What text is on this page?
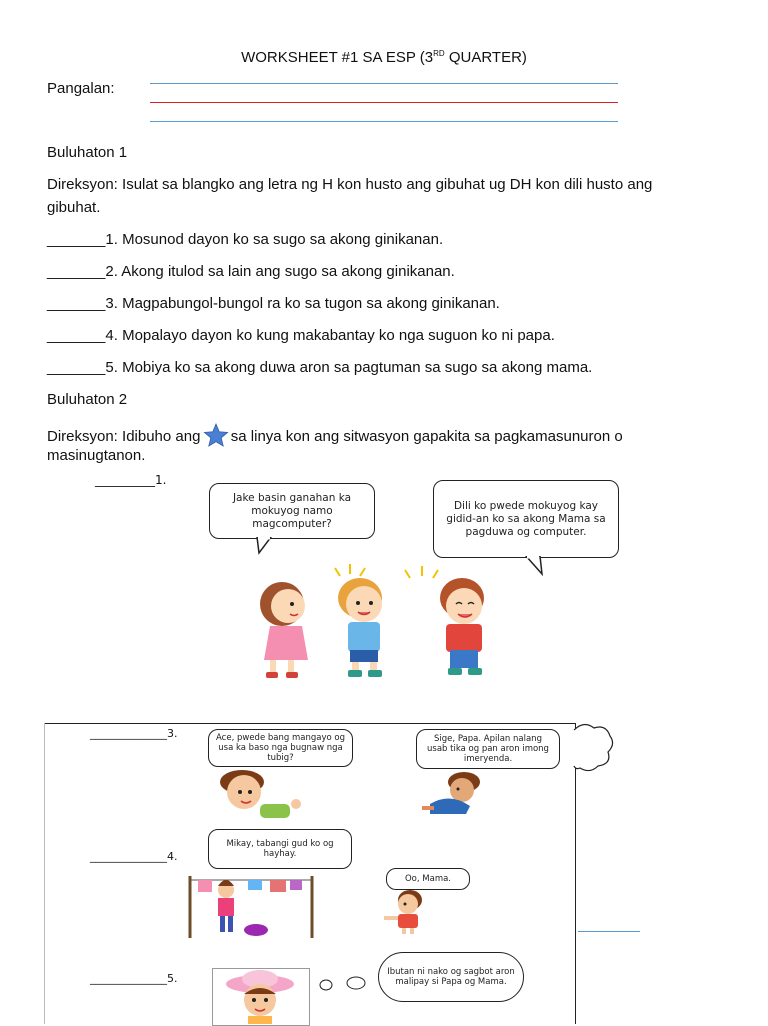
WORKSHEET #1 SA ESP (3RD QUARTER)
Pangalan:
Buluhaton 1
Direksyon: Isulat sa blangko ang letra ng H kon husto ang gibuhat ug DH kon dili husto ang
gibuhat.
_______1. Mosunod dayon ko sa sugo sa akong ginikanan.
_______2. Akong itulod sa lain ang sugo sa akong ginikanan.
_______3. Magpabungol-bungol ra ko sa tugon sa akong ginikanan.
_______4. Mopalayo dayon ko kung makabantay ko nga suguon ko ni papa.
_______5. Mobiya ko sa akong duwa aron sa pagtuman sa sugo sa akong mama.
Buluhaton 2
Direksyon: Idibuho ang sa linya kon ang sitwasyon gapakita sa pagkamasunuron o
masinugtanon.
__________1.
Jake basin ganahan ka mokuyog namo magcomputer?
Dili ko pwede mokuyog kay gidid-an ko sa akong Mama sa pagduwa og computer.
______________3.	Ace, pwede bang mangayo og usa ka baso nga bugnaw nga tubig?
Sige, Papa. Apilan nalang usab tika og pan aron imong imeryenda.
______________4.
Mikay, tabangi gud ko og hayhay.
Oo, Mama.
______________5.	Ibutan ni nako og sagbot aron malipay si Papa og Mama.
